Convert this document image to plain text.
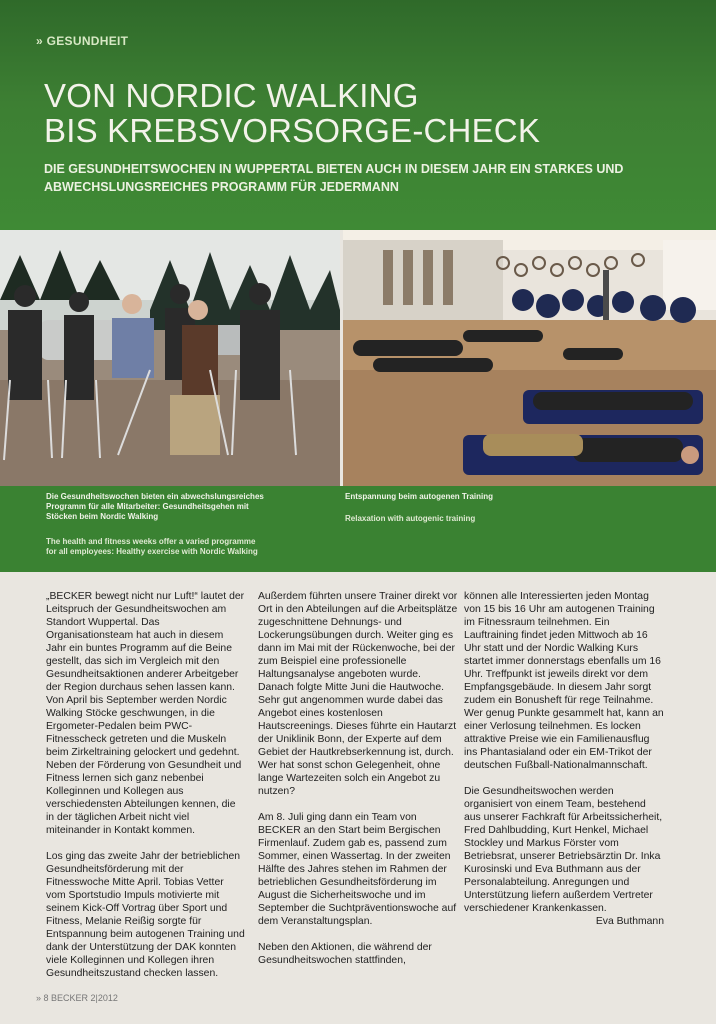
» GESUNDHEIT
VON NORDIC WALKING
BIS KREBSVORSORGE-CHECK

DIE GESUNDHEITSWOCHEN IN WUPPERTAL BIETEN AUCH IN DIESEM JAHR EIN STARKES UND ABWECHSLUNGSREICHES PROGRAMM FÜR JEDERMANN

Die Gesundheitswochen bieten ein abwechslungsreiches Programm für alle Mitarbeiter: Gesundheitsgehen mit Stöcken beim Nordic Walking
The health and fitness weeks offer a varied programme for all employees: Healthy exercise with Nordic Walking
Entspannung beim autogenen Training
Relaxation with autogenic training

„BECKER bewegt nicht nur Luft!“ lautet der Leitspruch der Gesundheitswochen am Standort Wuppertal. Das Organisationsteam hat auch in diesem Jahr ein buntes Programm auf die Beine gestellt, das sich im Vergleich mit den Gesundheitsaktionen anderer Arbeitgeber der Region durchaus sehen lassen kann. Von April bis September werden Nordic Walking Stöcke geschwungen, in die Ergometer-Pedalen beim PWC-Fitnesscheck getreten und die Muskeln beim Zirkeltraining gelockert und gedehnt. Neben der Förderung von Gesundheit und Fitness lernen sich ganz nebenbei Kolleginnen und Kollegen aus verschiedensten Abteilungen kennen, die in der täglichen Arbeit nicht viel miteinander in Kontakt kommen.

Los ging das zweite Jahr der betrieblichen Gesundheitsförderung mit der Fitnesswoche Mitte April. Tobias Vetter vom Sportstudio Impuls motivierte mit seinem Kick-Off Vortrag über Sport und Fitness, Melanie Reißig sorgte für Entspannung beim autogenen Training und dank der Unterstützung der DAK konnten viele Kolleginnen und Kollegen ihren Gesundheitszustand checken lassen.

Außerdem führten unsere Trainer direkt vor Ort in den Abteilungen auf die Arbeitsplätze zugeschnittene Dehnungs- und Lockerungsübungen durch. Weiter ging es dann im Mai mit der Rückenwoche, bei der zum Beispiel eine professionelle Haltungsanalyse angeboten wurde. Danach folgte Mitte Juni die Hautwoche. Sehr gut angenommen wurde dabei das Angebot eines kostenlosen Hautscreenings. Dieses führte ein Hautarzt der Uniklinik Bonn, der Experte auf dem Gebiet der Hautkrebserkennung ist, durch. Wer hat sonst schon Gelegenheit, ohne lange Wartezeiten solch ein Angebot zu nutzen?

Am 8. Juli ging dann ein Team von BECKER an den Start beim Bergischen Firmenlauf. Zudem gab es, passend zum Sommer, einen Wassertag. In der zweiten Hälfte des Jahres stehen im Rahmen der betrieblichen Gesundheitsförderung im August die Sicherheitswoche und im September die Suchtpräventionswoche auf dem Veranstaltungsplan.

Neben den Aktionen, die während der Gesundheitswochen stattfinden,

können alle Interessierten jeden Montag von 15 bis 16 Uhr am autogenen Training im Fitnessraum teilnehmen. Ein Lauftraining findet jeden Mittwoch ab 16 Uhr statt und der Nordic Walking Kurs startet immer donnerstags ebenfalls um 16 Uhr. Treffpunkt ist jeweils direkt vor dem Empfangsgebäude. In diesem Jahr sorgt zudem ein Bonusheft für rege Teilnahme. Wer genug Punkte gesammelt hat, kann an einer Verlosung teilnehmen. Es locken attraktive Preise wie ein Familienausflug ins Phantasialand oder ein EM-Trikot der deutschen Fußball-Nationalmannschaft.

Die Gesundheitswochen werden organisiert von einem Team, bestehend aus unserer Fachkraft für Arbeitssicherheit, Fred Dahlbudding, Kurt Henkel, Michael Stockley und Markus Förster vom Betriebsrat, unserer Betriebsärztin Dr. Inka Kurosinski und Eva Buthmann aus der Personalabteilung. Anregungen und Unterstützung liefern außerdem Vertreter verschiedener Krankenkassen.

Eva Buthmann
» 8 BECKER 2|2012
